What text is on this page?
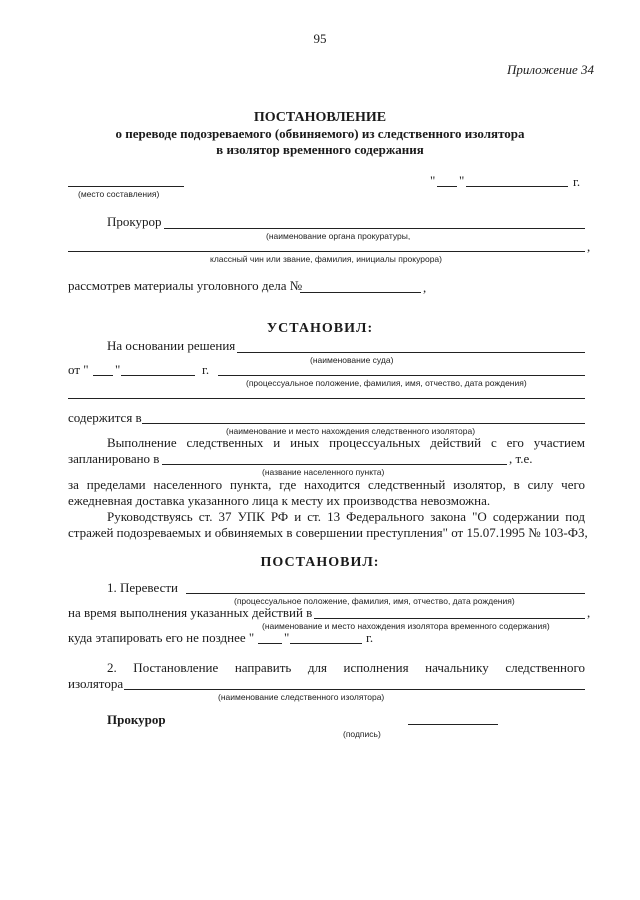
95
Приложение 34
ПОСТАНОВЛЕНИЕ
о переводе подозреваемого (обвиняемого) из следственного изолятора
в изолятор временного содержания
(место составления)
" "	г.
Прокурор
(наименование органа прокуратуры,
,
классный чин или звание, фамилия, инициалы прокурора)
рассмотрев материалы уголовного дела №	,
УСТАНОВИЛ:
На основании решения
(наименование суда)
от " "	г.
(процессуальное положение, фамилия, имя, отчество, дата рождения)
содержится в
(наименование и место нахождения следственного изолятора)
Выполнение следственных и иных процессуальных действий с его участием
запланировано в	, т.е.
(название населенного пункта)
за пределами населенного пункта, где находится следственный изолятор, в силу чего
ежедневная доставка указанного лица к месту их производства невозможна.
Руководствуясь ст. 37 УПК РФ и ст. 13 Федерального закона "О содержании под
стражей подозреваемых и обвиняемых в совершении преступления" от 15.07.1995 № 103-ФЗ,
ПОСТАНОВИЛ:
1. Перевести
(процессуальное положение, фамилия, имя, отчество, дата рождения)
на время выполнения указанных действий в	,
(наименование и место нахождения изолятора временного содержания)
куда этапировать его не позднее " "	г.
2. Постановление направить для исполнения начальнику следственного
изолятора
(наименование следственного изолятора)
Прокурор
(подпись)
